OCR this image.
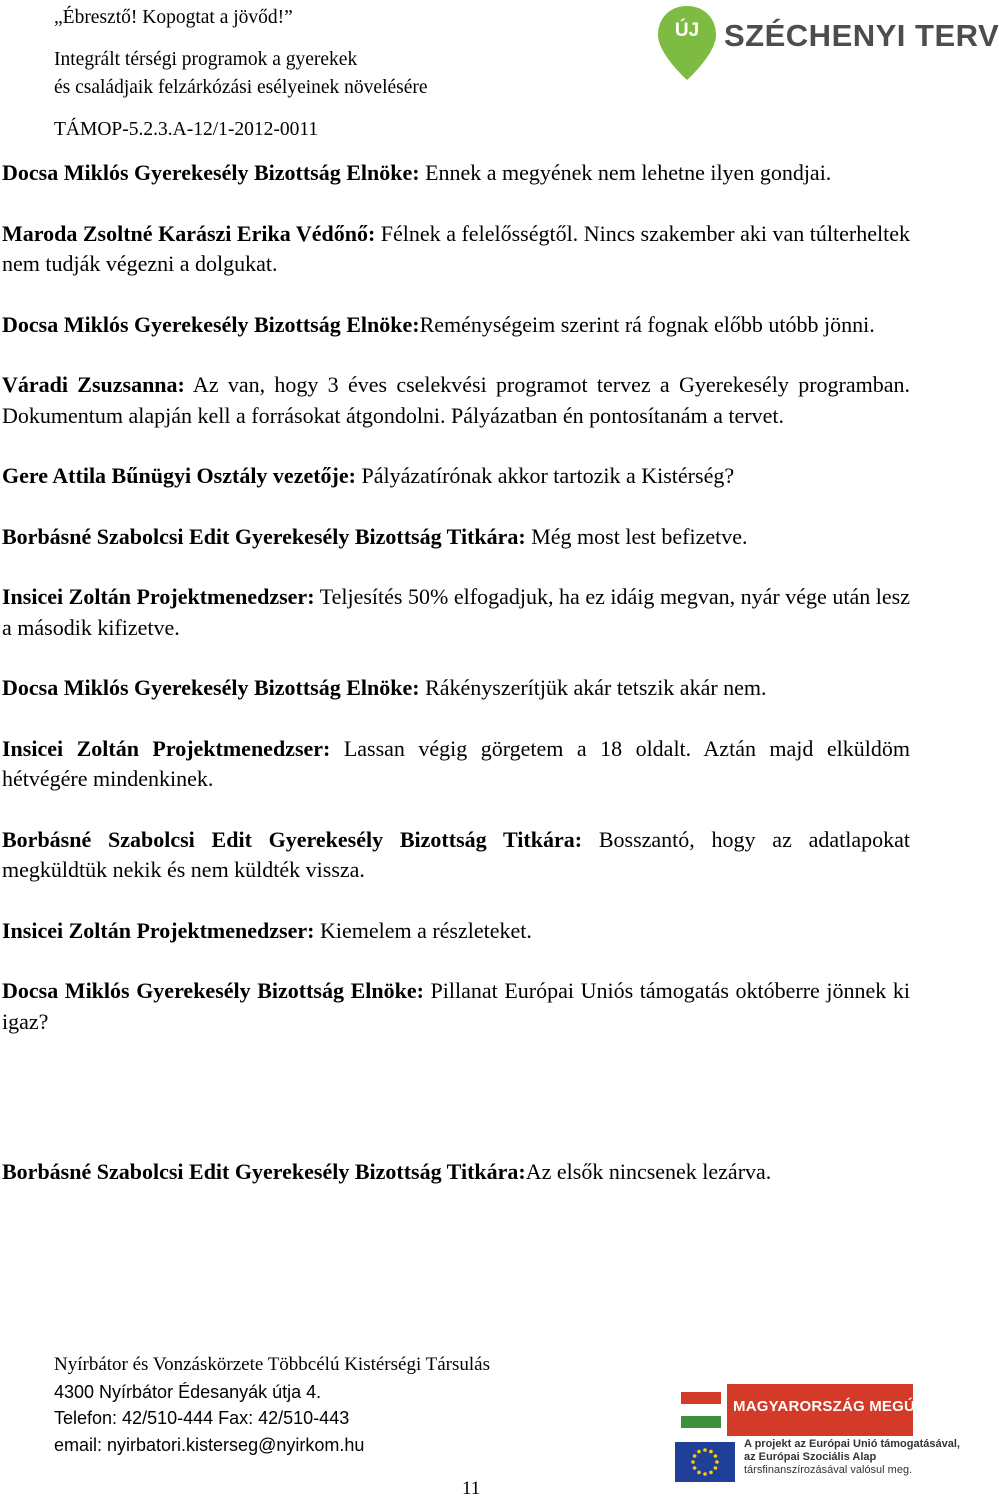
„Ébresztő! Kopogtat a jövőd!”
Integrált térségi programok a gyerekek
és családjaik felzárkózási esélyeinek növelésére
TÁMOP-5.2.3.A-12/1-2012-0011
ÚJ SZÉCHENYI TERV
Docsa Miklós Gyerekesély Bizottság Elnöke: Ennek a megyének nem lehetne ilyen gondjai.
Maroda Zsoltné Karászi Erika Védőnő: Félnek a felelősségtől. Nincs szakember aki van túlterheltek nem tudják végezni a dolgukat.
Docsa Miklós Gyerekesély Bizottság Elnöke:Reménységeim szerint rá fognak előbb utóbb jönni.
Váradi Zsuzsanna: Az van, hogy 3 éves cselekvési programot tervez a Gyerekesély programban. Dokumentum alapján kell a forrásokat átgondolni. Pályázatban én pontosítanám a tervet.
Gere Attila Bűnügyi Osztály vezetője: Pályázatírónak akkor tartozik a Kistérség?
Borbásné Szabolcsi Edit Gyerekesély Bizottság Titkára: Még most lest befizetve.
Insicei Zoltán Projektmenedzser: Teljesítés 50% elfogadjuk, ha ez idáig megvan, nyár vége után lesz a második kifizetve.
Docsa Miklós Gyerekesély Bizottság Elnöke: Rákényszerítjük akár tetszik akár nem.
Insicei Zoltán Projektmenedzser: Lassan végig görgetem a 18 oldalt. Aztán majd elküldöm hétvégére mindenkinek.
Borbásné Szabolcsi Edit Gyerekesély Bizottság Titkára: Bosszantó, hogy az adatlapokat megküldtük nekik és nem küldték vissza.
Insicei Zoltán Projektmenedzser: Kiemelem a részleteket.
Docsa Miklós Gyerekesély Bizottság Elnöke: Pillanat Európai Uniós támogatás októberre jönnek ki igaz?
Borbásné Szabolcsi Edit Gyerekesély Bizottság Titkára:Az elsők nincsenek lezárva.
Nyírbátor és Vonzáskörzete Többcélú Kistérségi Társulás
4300 Nyírbátor Édesanyák útja 4.
Telefon: 42/510-444 Fax: 42/510-443
email: nyirbatori.kisterseg@nyirkom.hu
MAGYARORSZÁG MEGÚJUL
A projekt az Európai Unió támogatásával,
az Európai Szociális Alap
társfinanszírozásával valósul meg.
11
